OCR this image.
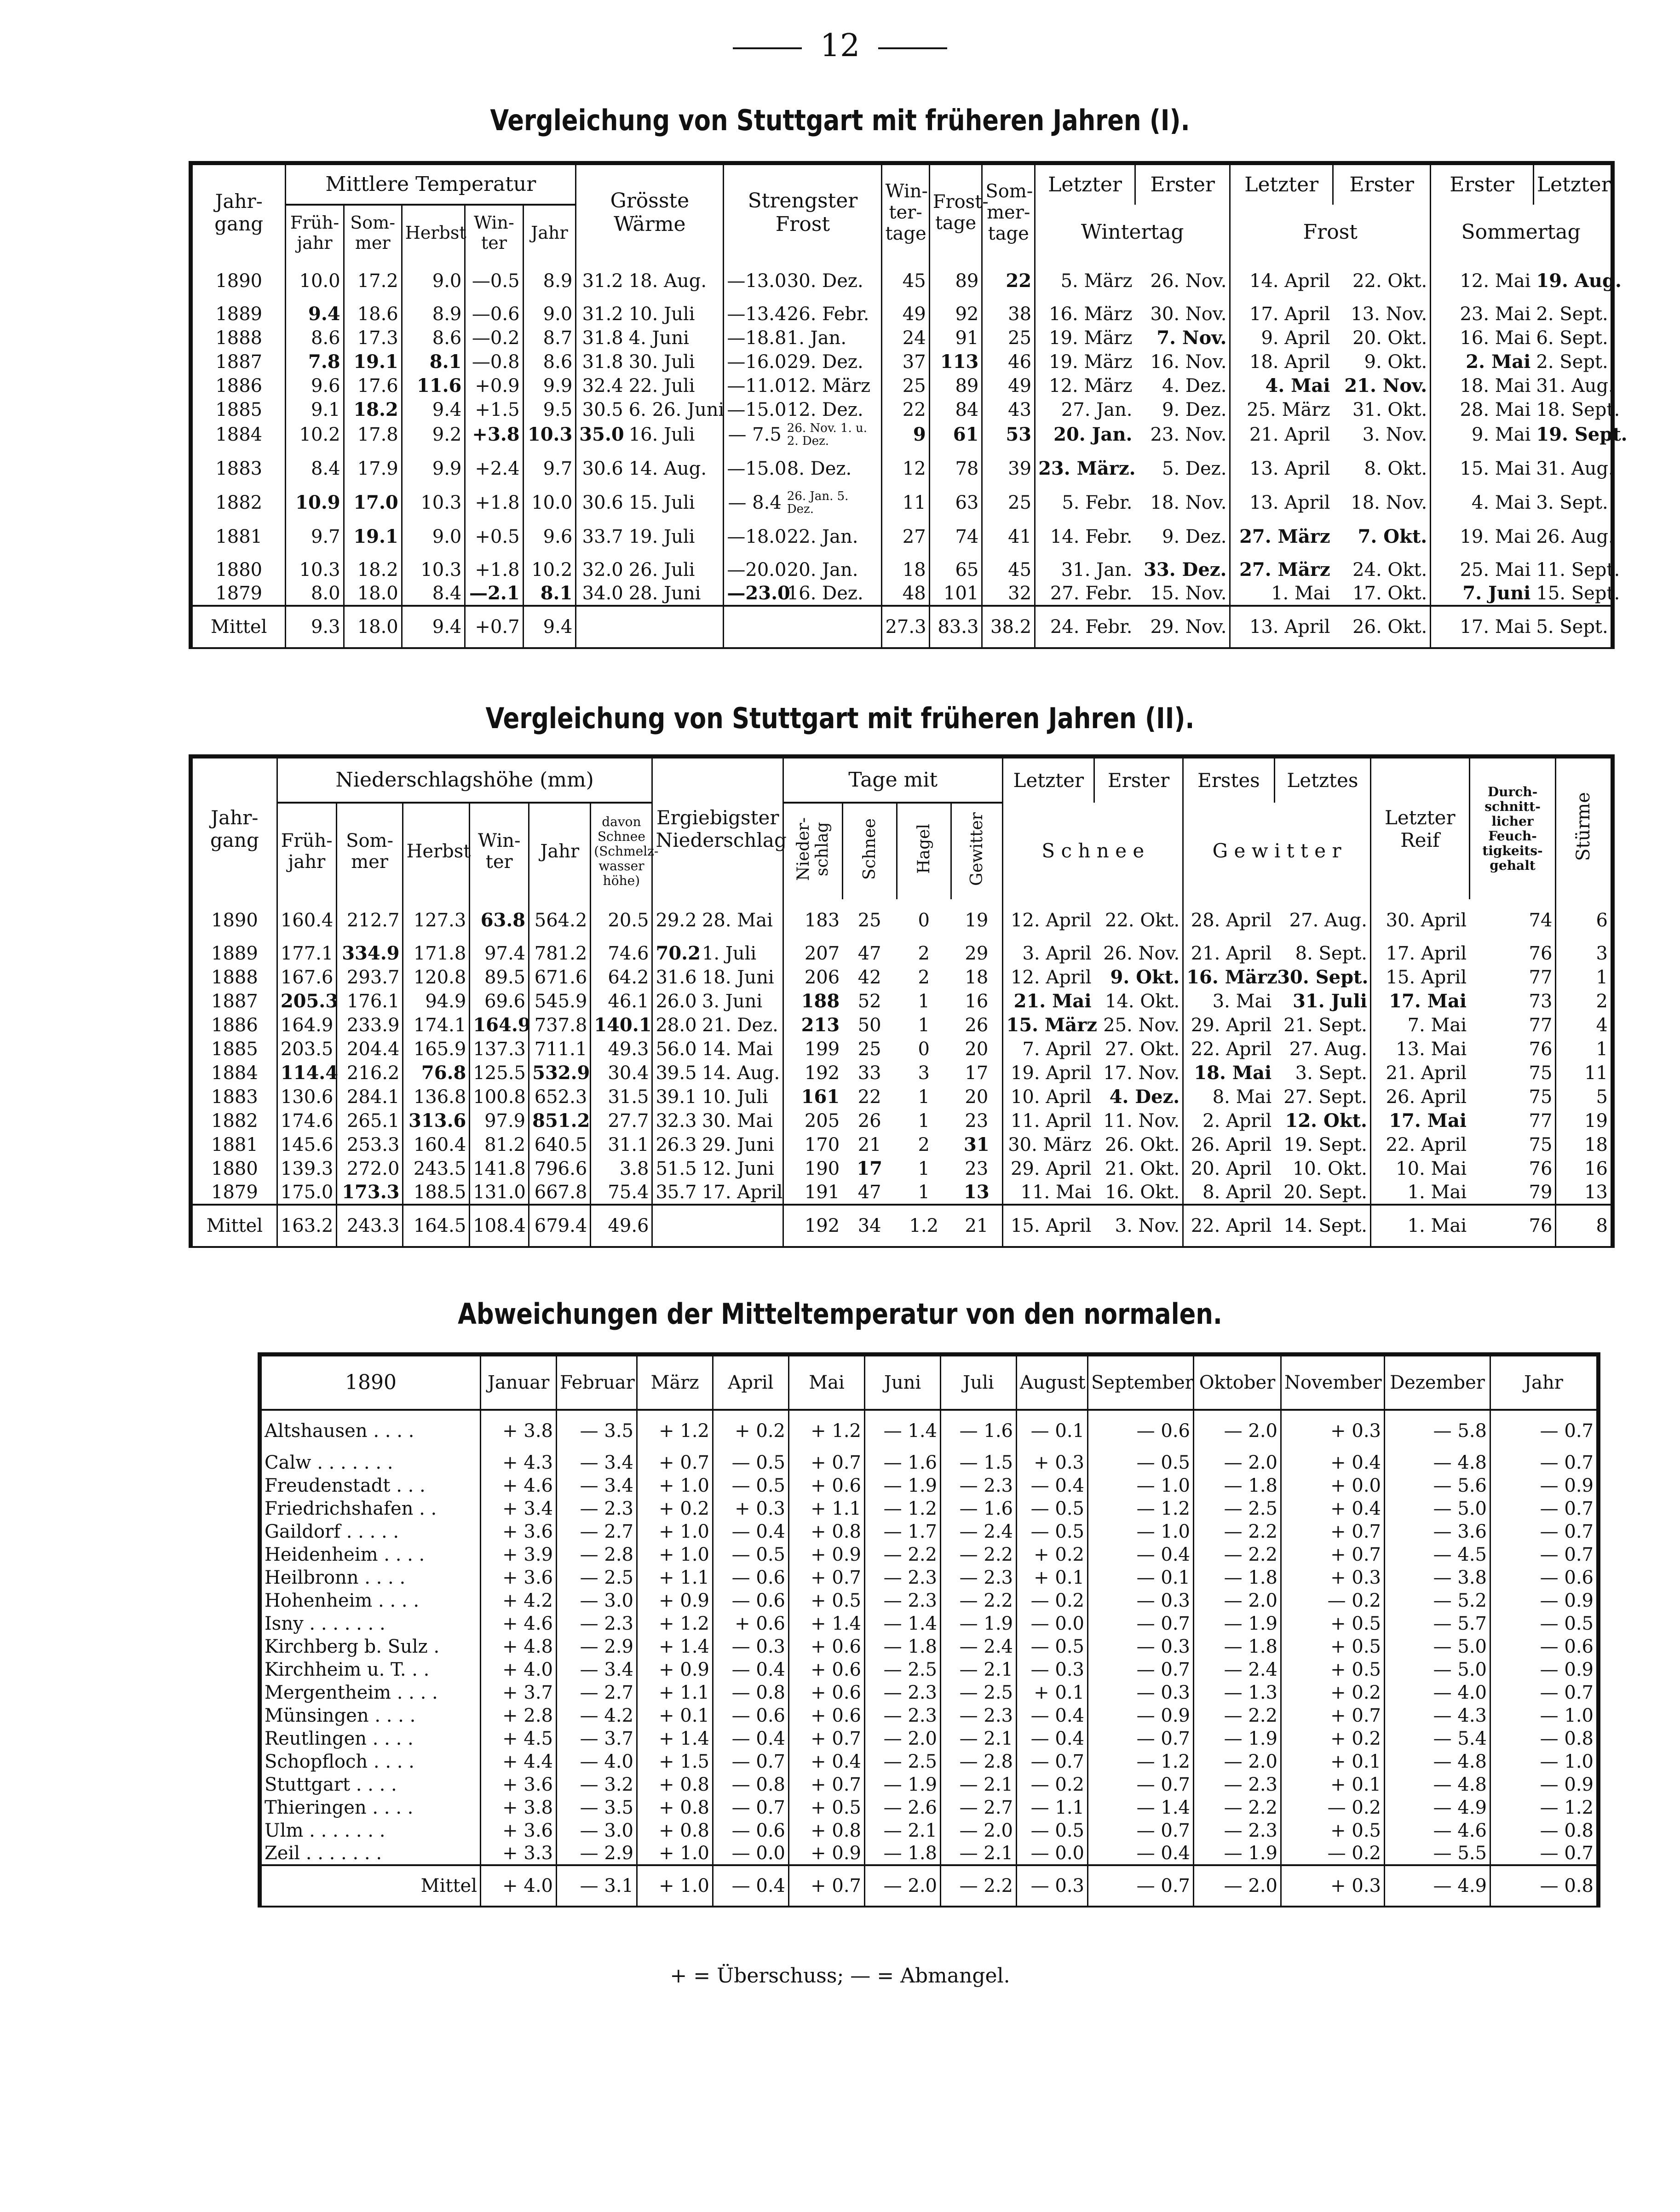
12
Vergleichung von Stuttgart mit früheren Jahren (I).
Jahr-gang	Mittlere Temperatur					Grösste Wärme		Strengster Frost		Win-ter-tage	Frost-tage	Som-mer-tage	Letzter	Erster	Letzter	Erster	Erster	Letzter
	Früh-jahr	Som-mer	Herbst	Win-ter	Jahr								Wintertag		Frost		Sommertag	
1890	10.0	17.2	9.0	—0.5	8.9	31.2	18. Aug.	—13.0	30. Dez.	45	89	22	5. März	26. Nov.	14. April	22. Okt.	12. Mai	19. Aug.
1889	9.4	18.6	8.9	—0.6	9.0	31.2	10. Juli	—13.4	26. Febr.	49	92	38	16. März	30. Nov.	17. April	13. Nov.	23. Mai	2. Sept.
1888	8.6	17.3	8.6	—0.2	8.7	31.8	4. Juni	—18.8	1. Jan.	24	91	25	19. März	7. Nov.	9. April	20. Okt.	16. Mai	6. Sept.
1887	7.8	19.1	8.1	—0.8	8.6	31.8	30. Juli	—16.0	29. Dez.	37	113	46	19. März	16. Nov.	18. April	9. Okt.	2. Mai	2. Sept.
1886	9.6	17.6	11.6	+0.9	9.9	32.4	22. Juli	—11.0	12. März	25	89	49	12. März	4. Dez.	4. Mai	21. Nov.	18. Mai	31. Aug.
1885	9.1	18.2	9.4	+1.5	9.5	30.5	6. 26. Juni	—15.0	12. Dez.	22	84	43	27. Jan.	9. Dez.	25. März	31. Okt.	28. Mai	18. Sept.
1884	10.2	17.8	9.2	+3.8	10.3	35.0	16. Juli	— 7.5	26. Nov. 1. u. 2. Dez.	9	61	53	20. Jan.	23. Nov.	21. April	3. Nov.	9. Mai	19. Sept.
1883	8.4	17.9	9.9	+2.4	9.7	30.6	14. Aug.	—15.0	8. Dez.	12	78	39	23. März.	5. Dez.	13. April	8. Okt.	15. Mai	31. Aug.
1882	10.9	17.0	10.3	+1.8	10.0	30.6	15. Juli	— 8.4	26. Jan. 5. Dez.	11	63	25	5. Febr.	18. Nov.	13. April	18. Nov.	4. Mai	3. Sept.
1881	9.7	19.1	9.0	+0.5	9.6	33.7	19. Juli	—18.0	22. Jan.	27	74	41	14. Febr.	9. Dez.	27. März	7. Okt.	19. Mai	26. Aug.
1880	10.3	18.2	10.3	+1.8	10.2	32.0	26. Juli	—20.0	20. Jan.	18	65	45	31. Jan.	33. Dez.	27. März	24. Okt.	25. Mai	11. Sept.
1879	8.0	18.0	8.4	—2.1	8.1	34.0	28. Juni	—23.0	16. Dez.	48	101	32	27. Febr.	15. Nov.	1. Mai	17. Okt.	7. Juni	15. Sept.
Mittel	9.3	18.0	9.4	+0.7	9.4					27.3	83.3	38.2	24. Febr.	29. Nov.	13. April	26. Okt.	17. Mai	5. Sept.
Vergleichung von Stuttgart mit früheren Jahren (II).
Jahr-gang	Niederschlagshöhe (mm)						Ergiebigster Niederschlag		Tage mit				Letzter	Erster	Erstes	Letztes	Letzter Reif	Durch-schnitt-licher Feuch-tigkeits-gehalt	Stürme
	Früh-jahr	Som-mer	Herbst	Win-ter	Jahr	davon Schnee (Schmelz-wasser höhe)			Nieder-schlag	Schnee	Hagel	Gewitter	S c h n e e		G e w i t t e r				

1890	160.4	212.7	127.3	63.8	564.2	20.5	29.2	28. Mai	183	25	0	19	12. April	22. Okt.	28. April	27. Aug.	30. April	74	6
1889	177.1	334.9	171.8	97.4	781.2	74.6	70.2	1. Juli	207	47	2	29	3. April	26. Nov.	21. April	8. Sept.	17. April	76	3
1888	167.6	293.7	120.8	89.5	671.6	64.2	31.6	18. Juni	206	42	2	18	12. April	9. Okt.	16. März	30. Sept.	15. April	77	1
1887	205.3	176.1	94.9	69.6	545.9	46.1	26.0	3. Juni	188	52	1	16	21. Mai	14. Okt.	3. Mai	31. Juli	17. Mai	73	2
1886	164.9	233.9	174.1	164.9	737.8	140.1	28.0	21. Dez.	213	50	1	26	15. März	25. Nov.	29. April	21. Sept.	7. Mai	77	4
1885	203.5	204.4	165.9	137.3	711.1	49.3	56.0	14. Mai	199	25	0	20	7. April	27. Okt.	22. April	27. Aug.	13. Mai	76	1
1884	114.4	216.2	76.8	125.5	532.9	30.4	39.5	14. Aug.	192	33	3	17	19. April	17. Nov.	18. Mai	3. Sept.	21. April	75	11
1883	130.6	284.1	136.8	100.8	652.3	31.5	39.1	10. Juli	161	22	1	20	10. April	4. Dez.	8. Mai	27. Sept.	26. April	75	5
1882	174.6	265.1	313.6	97.9	851.2	27.7	32.3	30. Mai	205	26	1	23	11. April	11. Nov.	2. April	12. Okt.	17. Mai	77	19
1881	145.6	253.3	160.4	81.2	640.5	31.1	26.3	29. Juni	170	21	2	31	30. März	26. Okt.	26. April	19. Sept.	22. April	75	18
1880	139.3	272.0	243.5	141.8	796.6	3.8	51.5	12. Juni	190	17	1	23	29. April	21. Okt.	20. April	10. Okt.	10. Mai	76	16
1879	175.0	173.3	188.5	131.0	667.8	75.4	35.7	17. April	191	47	1	13	11. Mai	16. Okt.	8. April	20. Sept.	1. Mai	79	13
Mittel	163.2	243.3	164.5	108.4	679.4	49.6			192	34	1.2	21	15. April	3. Nov.	22. April	14. Sept.	1. Mai	76	8
Abweichungen der Mitteltemperatur von den normalen.
1890	Januar	Februar	März	April	Mai	Juni	Juli	August	September	Oktober	November	Dezember	Jahr
Altshausen . . . .	+ 3.8	— 3.5	+ 1.2	+ 0.2	+ 1.2	— 1.4	— 1.6	— 0.1	— 0.6	— 2.0	+ 0.3	— 5.8	— 0.7
Calw . . . . . . .	+ 4.3	— 3.4	+ 0.7	— 0.5	+ 0.7	— 1.6	— 1.5	+ 0.3	— 0.5	— 2.0	+ 0.4	— 4.8	— 0.7
Freudenstadt . . .	+ 4.6	— 3.4	+ 1.0	— 0.5	+ 0.6	— 1.9	— 2.3	— 0.4	— 1.0	— 1.8	+ 0.0	— 5.6	— 0.9
Friedrichshafen . .	+ 3.4	— 2.3	+ 0.2	+ 0.3	+ 1.1	— 1.2	— 1.6	— 0.5	— 1.2	— 2.5	+ 0.4	— 5.0	— 0.7
Gaildorf . . . . .	+ 3.6	— 2.7	+ 1.0	— 0.4	+ 0.8	— 1.7	— 2.4	— 0.5	— 1.0	— 2.2	+ 0.7	— 3.6	— 0.7
Heidenheim . . . .	+ 3.9	— 2.8	+ 1.0	— 0.5	+ 0.9	— 2.2	— 2.2	+ 0.2	— 0.4	— 2.2	+ 0.7	— 4.5	— 0.7
Heilbronn . . . .	+ 3.6	— 2.5	+ 1.1	— 0.6	+ 0.7	— 2.3	— 2.3	+ 0.1	— 0.1	— 1.8	+ 0.3	— 3.8	— 0.6
Hohenheim . . . .	+ 4.2	— 3.0	+ 0.9	— 0.6	+ 0.5	— 2.3	— 2.2	— 0.2	— 0.3	— 2.0	— 0.2	— 5.2	— 0.9
Isny . . . . . . .	+ 4.6	— 2.3	+ 1.2	+ 0.6	+ 1.4	— 1.4	— 1.9	— 0.0	— 0.7	— 1.9	+ 0.5	— 5.7	— 0.5
Kirchberg b. Sulz .	+ 4.8	— 2.9	+ 1.4	— 0.3	+ 0.6	— 1.8	— 2.4	— 0.5	— 0.3	— 1.8	+ 0.5	— 5.0	— 0.6
Kirchheim u. T. . .	+ 4.0	— 3.4	+ 0.9	— 0.4	+ 0.6	— 2.5	— 2.1	— 0.3	— 0.7	— 2.4	+ 0.5	— 5.0	— 0.9
Mergentheim . . . .	+ 3.7	— 2.7	+ 1.1	— 0.8	+ 0.6	— 2.3	— 2.5	+ 0.1	— 0.3	— 1.3	+ 0.2	— 4.0	— 0.7
Münsingen . . . .	+ 2.8	— 4.2	+ 0.1	— 0.6	+ 0.6	— 2.3	— 2.3	— 0.4	— 0.9	— 2.2	+ 0.7	— 4.3	— 1.0
Reutlingen . . . .	+ 4.5	— 3.7	+ 1.4	— 0.4	+ 0.7	— 2.0	— 2.1	— 0.4	— 0.7	— 1.9	+ 0.2	— 5.4	— 0.8
Schopfloch . . . .	+ 4.4	— 4.0	+ 1.5	— 0.7	+ 0.4	— 2.5	— 2.8	— 0.7	— 1.2	— 2.0	+ 0.1	— 4.8	— 1.0
Stuttgart . . . .	+ 3.6	— 3.2	+ 0.8	— 0.8	+ 0.7	— 1.9	— 2.1	— 0.2	— 0.7	— 2.3	+ 0.1	— 4.8	— 0.9
Thieringen . . . .	+ 3.8	— 3.5	+ 0.8	— 0.7	+ 0.5	— 2.6	— 2.7	— 1.1	— 1.4	— 2.2	— 0.2	— 4.9	— 1.2
Ulm . . . . . . .	+ 3.6	— 3.0	+ 0.8	— 0.6	+ 0.8	— 2.1	— 2.0	— 0.5	— 0.7	— 2.3	+ 0.5	— 4.6	— 0.8
Zeil . . . . . . .	+ 3.3	— 2.9	+ 1.0	— 0.0	+ 0.9	— 1.8	— 2.1	— 0.0	— 0.4	— 1.9	— 0.2	— 5.5	— 0.7
Mittel	+ 4.0	— 3.1	+ 1.0	— 0.4	+ 0.7	— 2.0	— 2.2	— 0.3	— 0.7	— 2.0	+ 0.3	— 4.9	— 0.8
+ = Überschuss; — = Abmangel.
